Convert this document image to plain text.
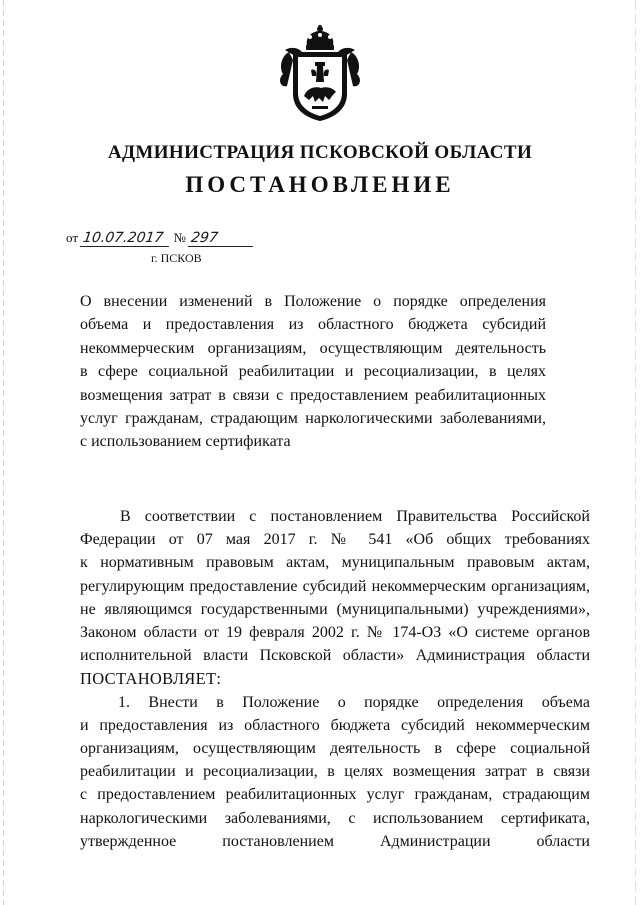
АДМИНИСТРАЦИЯ ПСКОВСКОЙ ОБЛАСТИ
ПОСТАНОВЛЕНИЕ
от 10.07.2017 № 297
г. ПСКОВ
О внесении изменений в Положение о порядке определения
объема и предоставления из областного бюджета субсидий
некоммерческим организациям, осуществляющим деятельность
в сфере социальной реабилитации и ресоциализации, в целях
возмещения затрат в связи с предоставлением реабилитационных
услуг гражданам, страдающим наркологическими заболеваниями,
с использованием сертификата
В соответствии с постановлением Правительства Российской
Федерации от 07 мая 2017 г. № 541 «Об общих требованиях
к нормативным правовым актам, муниципальным правовым актам,
регулирующим предоставление субсидий некоммерческим организациям,
не являющимся государственными (муниципальными) учреждениями»,
Законом области от 19 февраля 2002 г. № 174-ОЗ «О системе органов
исполнительной власти Псковской области» Администрация области
ПОСТАНОВЛЯЕТ:
1. Внести в Положение о порядке определения объема
и предоставления из областного бюджета субсидий некоммерческим
организациям, осуществляющим деятельность в сфере социальной
реабилитации и ресоциализации, в целях возмещения затрат в связи
с предоставлением реабилитационных услуг гражданам, страдающим
наркологическими заболеваниями, с использованием сертификата,
утвержденное постановлением Администрации области
